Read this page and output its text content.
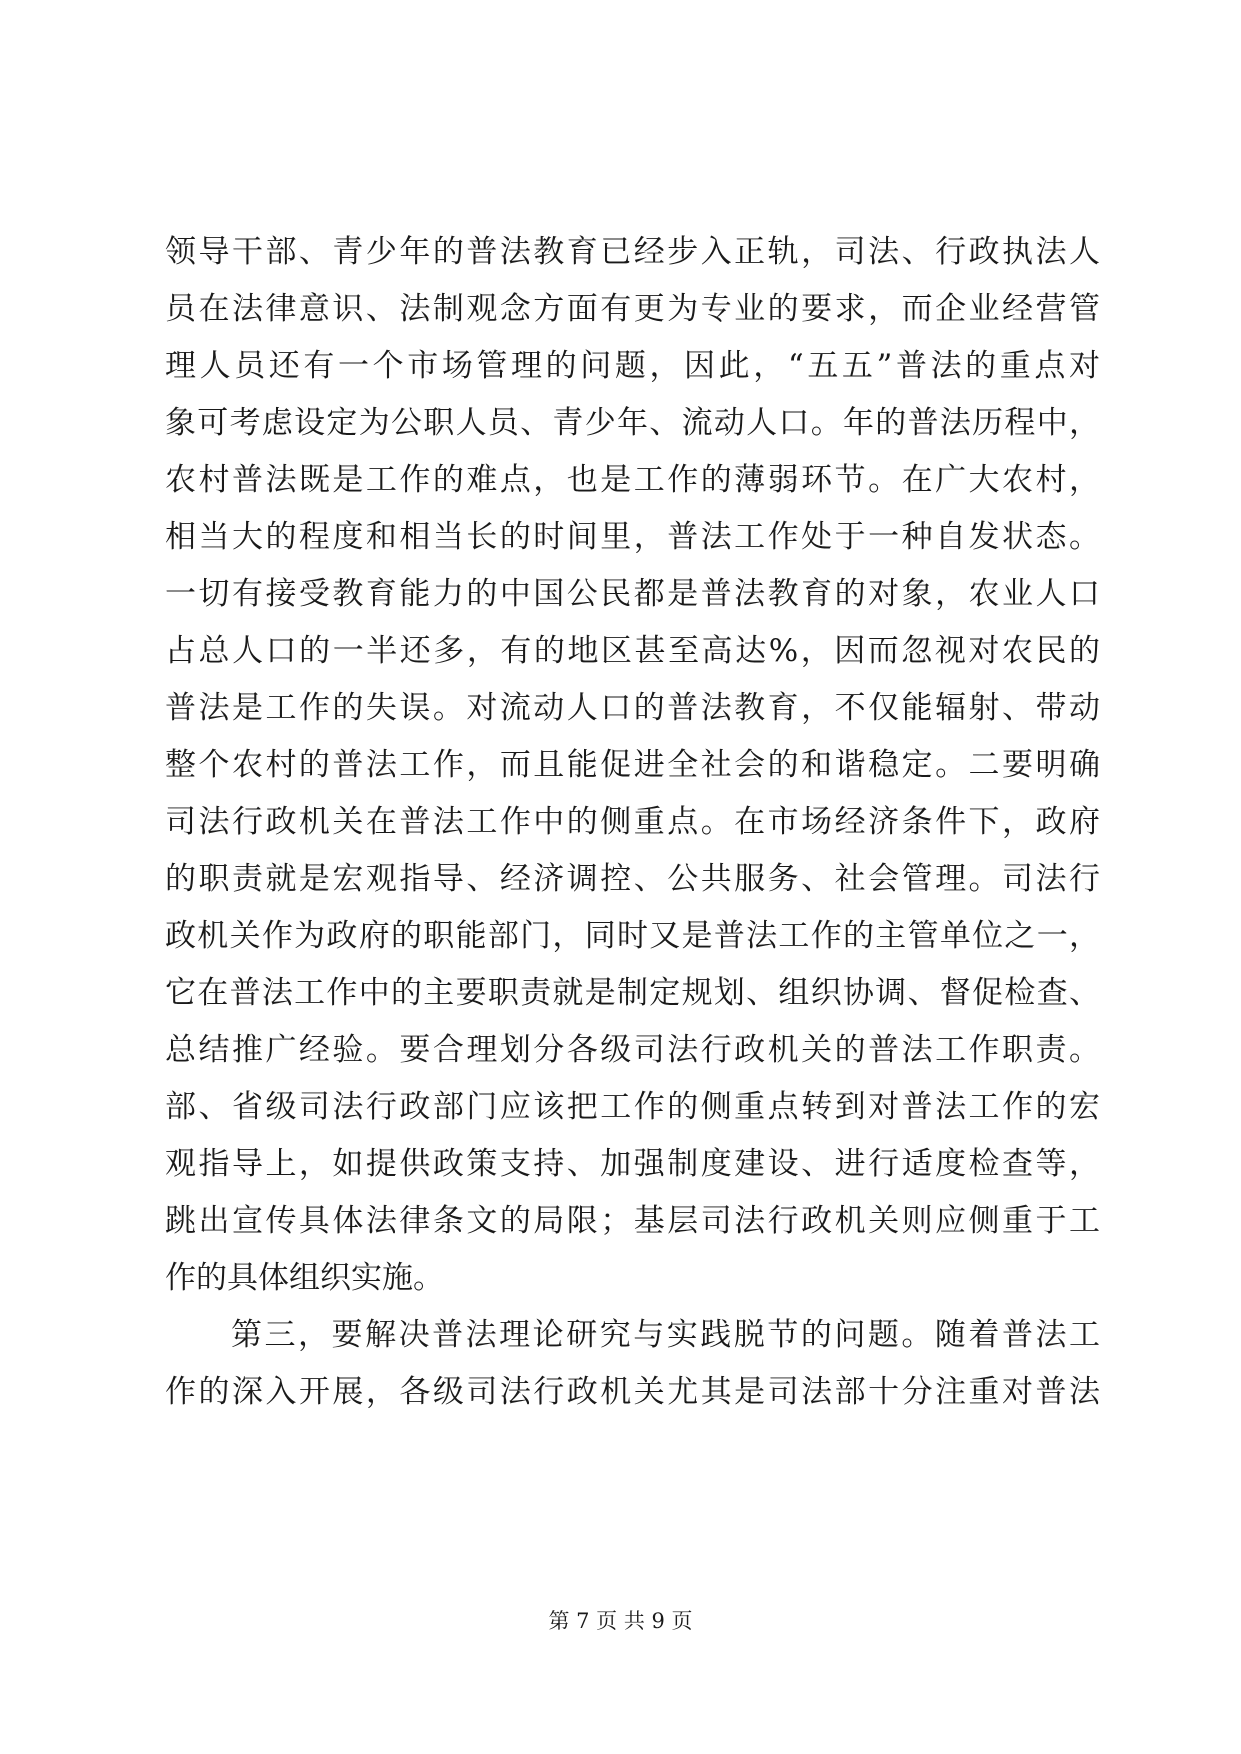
领导干部、青少年的普法教育已经步入正轨，司法、行政执法人
员在法律意识、法制观念方面有更为专业的要求，而企业经营管
理人员还有一个市场管理的问题，因此，“五五”普法的重点对
象可考虑设定为公职人员、青少年、流动人口。年的普法历程中，
农村普法既是工作的难点，也是工作的薄弱环节。在广大农村，
相当大的程度和相当长的时间里，普法工作处于一种自发状态。
一切有接受教育能力的中国公民都是普法教育的对象，农业人口
占总人口的一半还多，有的地区甚至高达%，因而忽视对农民的
普法是工作的失误。对流动人口的普法教育，不仅能辐射、带动
整个农村的普法工作，而且能促进全社会的和谐稳定。二要明确
司法行政机关在普法工作中的侧重点。在市场经济条件下，政府
的职责就是宏观指导、经济调控、公共服务、社会管理。司法行
政机关作为政府的职能部门，同时又是普法工作的主管单位之一，
它在普法工作中的主要职责就是制定规划、组织协调、督促检查、
总结推广经验。要合理划分各级司法行政机关的普法工作职责。
部、省级司法行政部门应该把工作的侧重点转到对普法工作的宏
观指导上，如提供政策支持、加强制度建设、进行适度检查等，
跳出宣传具体法律条文的局限；基层司法行政机关则应侧重于工
作的具体组织实施。
第三，要解决普法理论研究与实践脱节的问题。随着普法工
作的深入开展，各级司法行政机关尤其是司法部十分注重对普法
第 7 页 共 9 页
